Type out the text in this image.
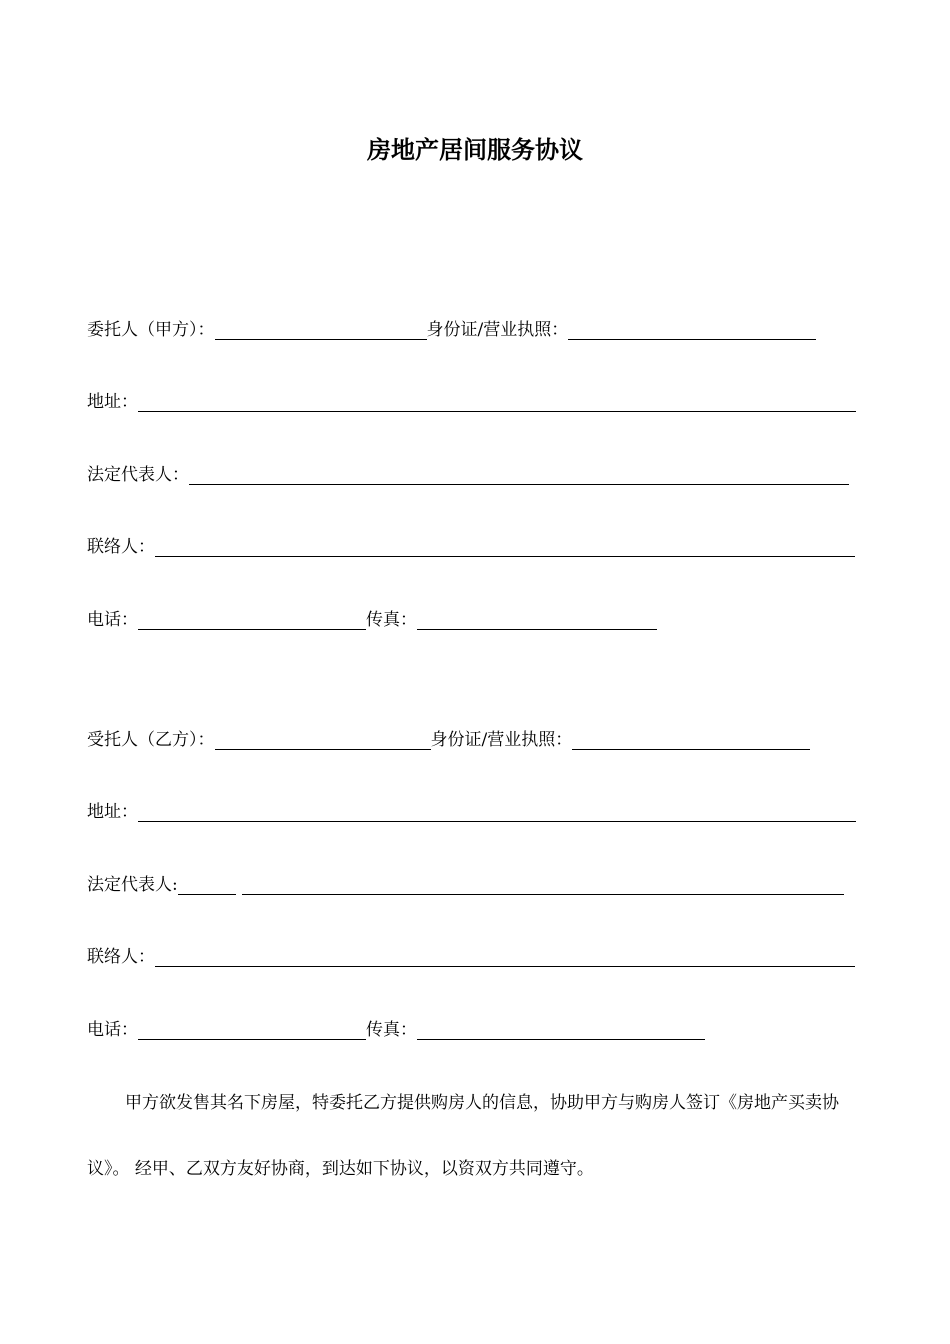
房地产居间服务协议
委托人（甲方）：	身份证/营业执照：
地址：
法定代表人：
联络人：
电话：	传真：
受托人（乙方）：	身份证/营业执照：
地址：
法定代表人:
联络人：
电话：	传真：
甲方欲发售其名下房屋，特委托乙方提供购房人的信息，协助甲方与购房人签订《房地产买卖协议》。 经甲、乙双方友好协商，到达如下协议，以资双方共同遵守。
